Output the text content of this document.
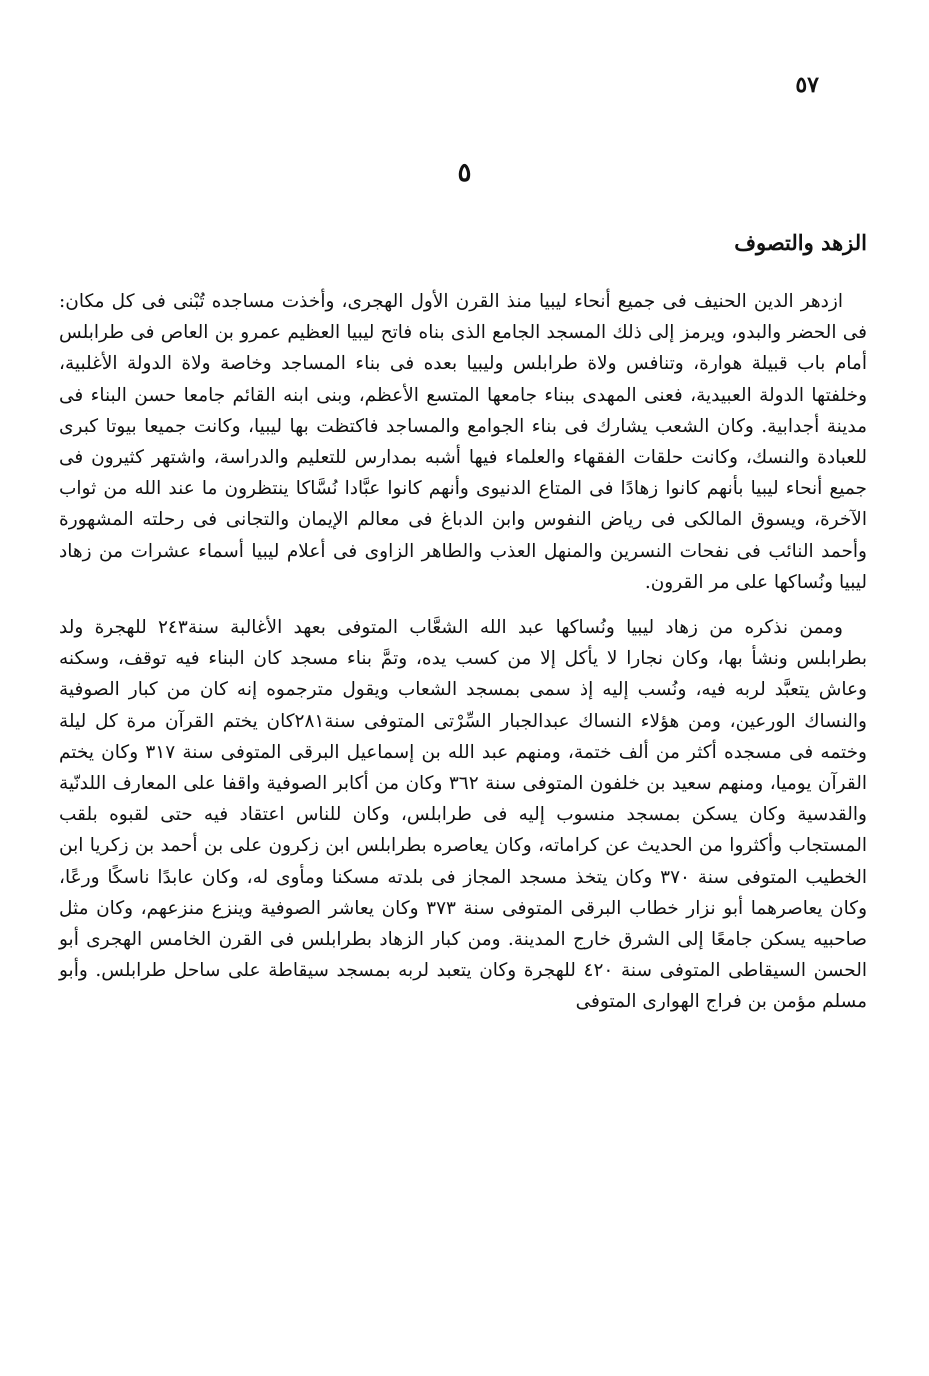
٥٧
٥
الزهد والتصوف

ازدهر الدين الحنيف فى جميع أنحاء ليبيا منذ القرن الأول الهجرى، وأخذت مساجده تُبْنى فى كل مكان: فى الحضر والبدو، ويرمز إلى ذلك المسجد الجامع الذى بناه فاتح ليبيا العظيم عمرو بن العاص فى طرابلس أمام باب قبيلة هوارة، وتنافس ولاة طرابلس وليبيا بعده فى بناء المساجد وخاصة ولاة الدولة الأغلبية، وخلفتها الدولة العبيدية، فعنى المهدى ببناء جامعها المتسع الأعظم، وبنى ابنه القائم جامعا حسن البناء فى مدينة أجدابية. وكان الشعب يشارك فى بناء الجوامع والمساجد فاكتظت بها ليبيا، وكانت جميعا بيوتا كبرى للعبادة والنسك، وكانت حلقات الفقهاء والعلماء فيها أشبه بمدارس للتعليم والدراسة، واشتهر كثيرون فى جميع أنحاء ليبيا بأنهم كانوا زهادًا فى المتاع الدنيوى وأنهم كانوا عبَّادا نُسَّاكا ينتظرون ما عند الله من ثواب الآخرة، ويسوق المالكى فى رياض النفوس وابن الدباغ فى معالم الإيمان والتجانى فى رحلته المشهورة وأحمد النائب فى نفحات النسرين والمنهل العذب والطاهر الزاوى فى أعلام ليبيا أسماء عشرات من زهاد ليبيا ونُساكها على مر القرون.

وممن نذكره من زهاد ليبيا ونُساكها عبد الله الشعَّاب المتوفى بعهد الأغالبة سنة٢٤٣ للهجرة ولد بطرابلس ونشأ بها، وكان نجارا لا يأكل إلا من كسب يده، وتمَّ بناء مسجد كان البناء فيه توقف، وسكنه وعاش يتعبَّد لربه فيه، ونُسب إليه إذ سمى بمسجد الشعاب ويقول مترجموه إنه كان من كبار الصوفية والنساك الورعين، ومن هؤلاء النساك عبدالجبار السِّرْتى المتوفى سنة٢٨١كان يختم القرآن مرة كل ليلة وختمه فى مسجده أكثر من ألف ختمة، ومنهم عبد الله بن إسماعيل البرقى المتوفى سنة ٣١٧ وكان يختم القرآن يوميا، ومنهم سعيد بن خلفون المتوفى سنة ٣٦٢ وكان من أكابر الصوفية واقفا على المعارف اللدنّية والقدسية وكان يسكن بمسجد منسوب إليه فى طرابلس، وكان للناس اعتقاد فيه حتى لقبوه بلقب المستجاب وأكثروا من الحديث عن كراماته، وكان يعاصره بطرابلس ابن زكرون على بن أحمد بن زكريا ابن الخطيب المتوفى سنة ٣٧٠ وكان يتخذ مسجد المجاز فى بلدته مسكنا ومأوى له، وكان عابدًا ناسكًا ورعًا، وكان يعاصرهما أبو نزار خطاب البرقى المتوفى سنة ٣٧٣ وكان يعاشر الصوفية وينزع منزعهم، وكان مثل صاحبيه يسكن جامعًا إلى الشرق خارج المدينة. ومن كبار الزهاد بطرابلس فى القرن الخامس الهجرى أبو الحسن السيقاطى المتوفى سنة ٤٢٠ للهجرة وكان يتعبد لربه بمسجد سيقاطة على ساحل طرابلس. وأبو مسلم مؤمن بن فراج الهوارى المتوفى
